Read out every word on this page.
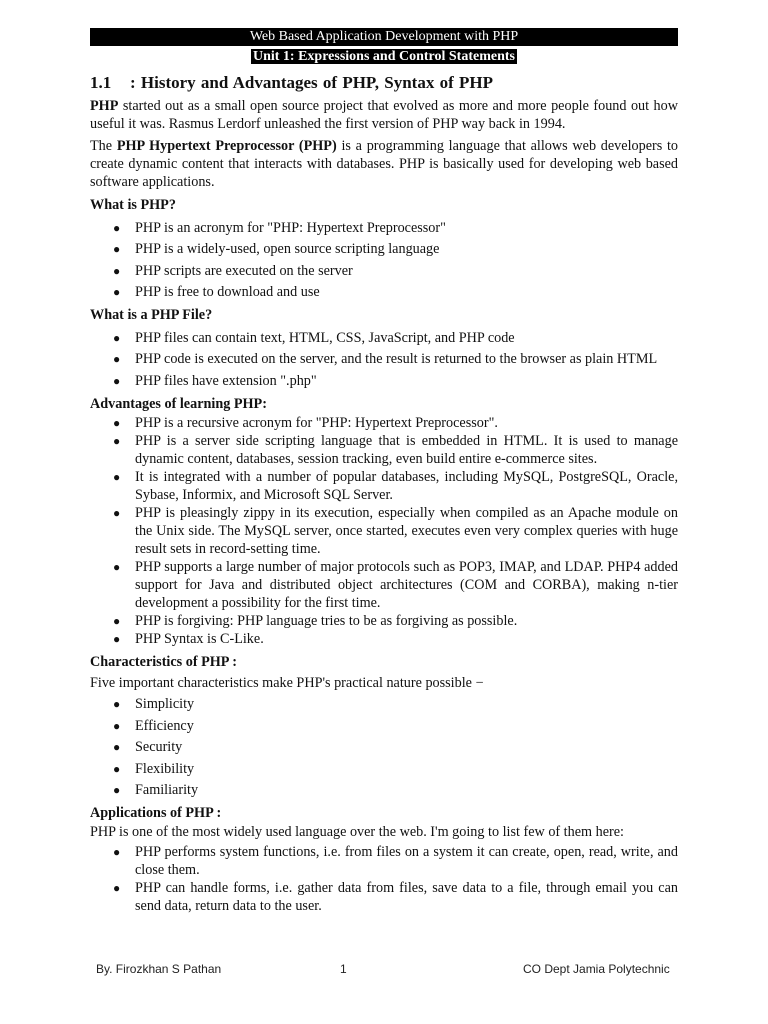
Web Based Application Development with PHP
Unit 1: Expressions and Control Statements
1.1 : History and Advantages of PHP, Syntax of PHP

PHP started out as a small open source project that evolved as more and more people found out how useful it was. Rasmus Lerdorf unleashed the first version of PHP way back in 1994.

The PHP Hypertext Preprocessor (PHP) is a programming language that allows web developers to create dynamic content that interacts with databases. PHP is basically used for developing web based software applications.

What is PHP?
● PHP is an acronym for "PHP: Hypertext Preprocessor"
● PHP is a widely-used, open source scripting language
● PHP scripts are executed on the server
● PHP is free to download and use
What is a PHP File?
● PHP files can contain text, HTML, CSS, JavaScript, and PHP code
● PHP code is executed on the server, and the result is returned to the browser as plain HTML
● PHP files have extension ".php"
Advantages of learning PHP:
● PHP is a recursive acronym for "PHP: Hypertext Preprocessor".
● PHP is a server side scripting language that is embedded in HTML. It is used to manage dynamic content, databases, session tracking, even build entire e-commerce sites.
● It is integrated with a number of popular databases, including MySQL, PostgreSQL, Oracle, Sybase, Informix, and Microsoft SQL Server.
● PHP is pleasingly zippy in its execution, especially when compiled as an Apache module on the Unix side. The MySQL server, once started, executes even very complex queries with huge result sets in record-setting time.
● PHP supports a large number of major protocols such as POP3, IMAP, and LDAP. PHP4 added support for Java and distributed object architectures (COM and CORBA), making n-tier development a possibility for the first time.
● PHP is forgiving: PHP language tries to be as forgiving as possible.
● PHP Syntax is C-Like.
Characteristics of PHP :

Five important characteristics make PHP's practical nature possible −

● Simplicity
● Efficiency
● Security
● Flexibility
● Familiarity
Applications of PHP :

PHP is one of the most widely used language over the web. I'm going to list few of them here:

● PHP performs system functions, i.e. from files on a system it can create, open, read, write, and close them.
● PHP can handle forms, i.e. gather data from files, save data to a file, through email you can send data, return data to the user.
By. Firozkhan S Pathan	1	CO Dept Jamia Polytechnic
